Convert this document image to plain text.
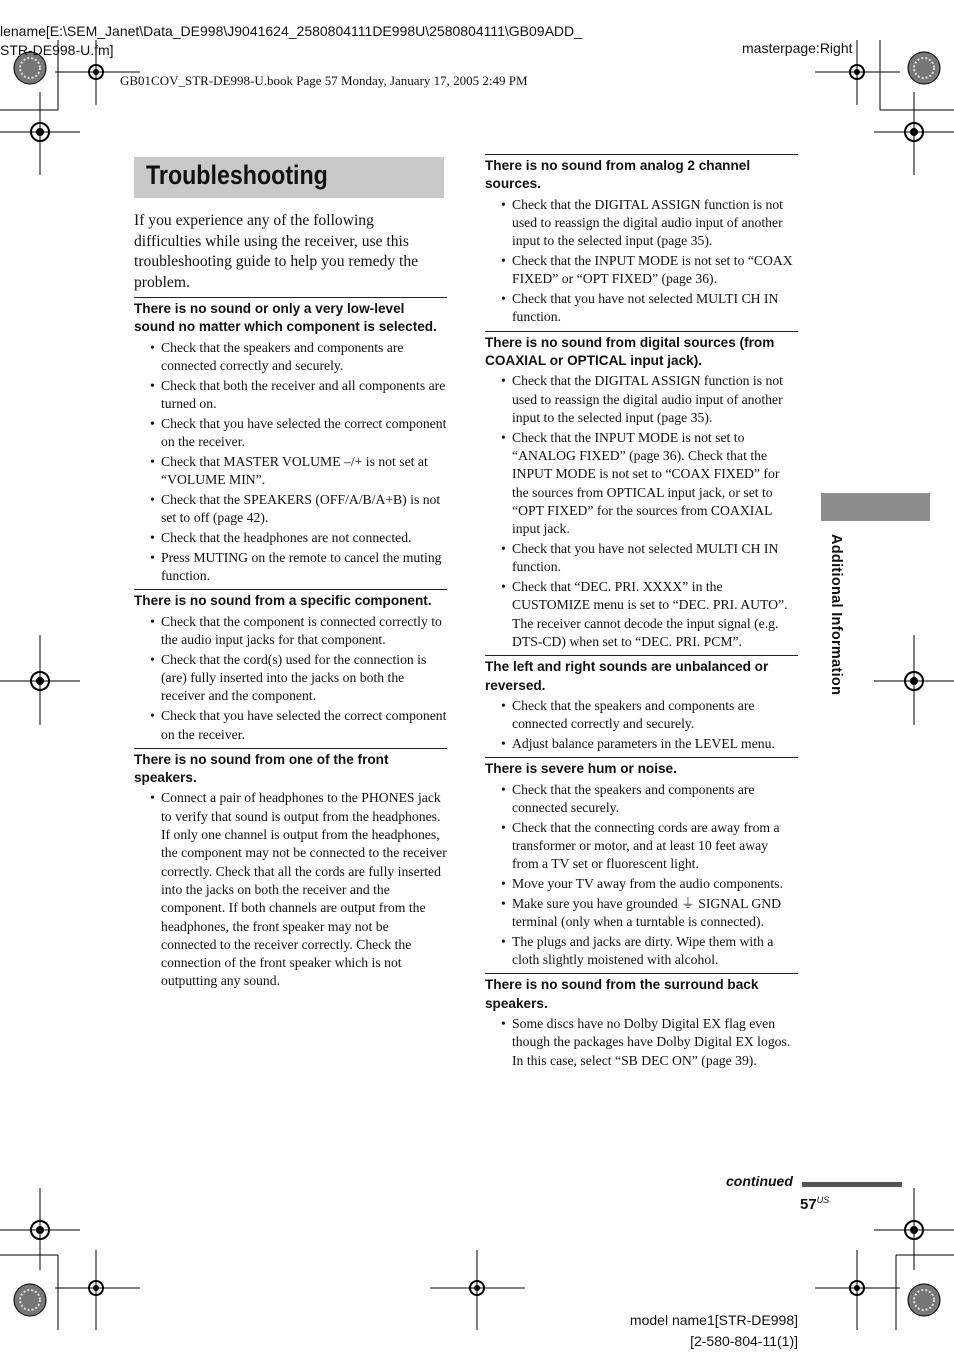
lename[E:\SEM_Janet\Data_DE998\J9041624_2580804111DE998U\2580804111\GB09ADD_
STR-DE998-U.fm]	masterpage:Right
GB01COV_STR-DE998-U.book Page 57 Monday, January 17, 2005 2:49 PM
Troubleshooting
If you experience any of the following difficulties while using the receiver, use this troubleshooting guide to help you remedy the problem.
There is no sound or only a very low-level sound no matter which component is selected.
• Check that the speakers and components are connected correctly and securely.
• Check that both the receiver and all components are turned on.
• Check that you have selected the correct component on the receiver.
• Check that MASTER VOLUME –/+ is not set at “VOLUME MIN”.
• Check that the SPEAKERS (OFF/A/B/A+B) is not set to off (page 42).
• Check that the headphones are not connected.
• Press MUTING on the remote to cancel the muting function.
There is no sound from a specific component.
• Check that the component is connected correctly to the audio input jacks for that component.
• Check that the cord(s) used for the connection is (are) fully inserted into the jacks on both the receiver and the component.
• Check that you have selected the correct component on the receiver.
There is no sound from one of the front speakers.
• Connect a pair of headphones to the PHONES jack to verify that sound is output from the headphones. If only one channel is output from the headphones, the component may not be connected to the receiver correctly. Check that all the cords are fully inserted into the jacks on both the receiver and the component. If both channels are output from the headphones, the front speaker may not be connected to the receiver correctly. Check the connection of the front speaker which is not outputting any sound.
There is no sound from analog 2 channel sources.
• Check that the DIGITAL ASSIGN function is not used to reassign the digital audio input of another input to the selected input (page 35).
• Check that the INPUT MODE is not set to “COAX FIXED” or “OPT FIXED” (page 36).
• Check that you have not selected MULTI CH IN function.
There is no sound from digital sources (from COAXIAL or OPTICAL input jack).
• Check that the DIGITAL ASSIGN function is not used to reassign the digital audio input of another input to the selected input (page 35).
• Check that the INPUT MODE is not set to “ANALOG FIXED” (page 36). Check that the INPUT MODE is not set to “COAX FIXED” for the sources from OPTICAL input jack, or set to “OPT FIXED” for the sources from COAXIAL input jack.
• Check that you have not selected MULTI CH IN function.
• Check that “DEC. PRI. XXXX” in the CUSTOMIZE menu is set to “DEC. PRI. AUTO”. The receiver cannot decode the input signal (e.g. DTS-CD) when set to “DEC. PRI. PCM”.
The left and right sounds are unbalanced or reversed.
• Check that the speakers and components are connected correctly and securely.
• Adjust balance parameters in the LEVEL menu.
There is severe hum or noise.
• Check that the speakers and components are connected securely.
• Check that the connecting cords are away from a transformer or motor, and at least 10 feet away from a TV set or fluorescent light.
• Move your TV away from the audio components.
• Make sure you have grounded ⏚ SIGNAL GND terminal (only when a turntable is connected).
• The plugs and jacks are dirty. Wipe them with a cloth slightly moistened with alcohol.
There is no sound from the surround back speakers.
• Some discs have no Dolby Digital EX flag even though the packages have Dolby Digital EX logos. In this case, select “SB DEC ON” (page 39).
Additional Information
continued
$57^{US}$
model name1[STR-DE998]
[2-580-804-11(1)]
